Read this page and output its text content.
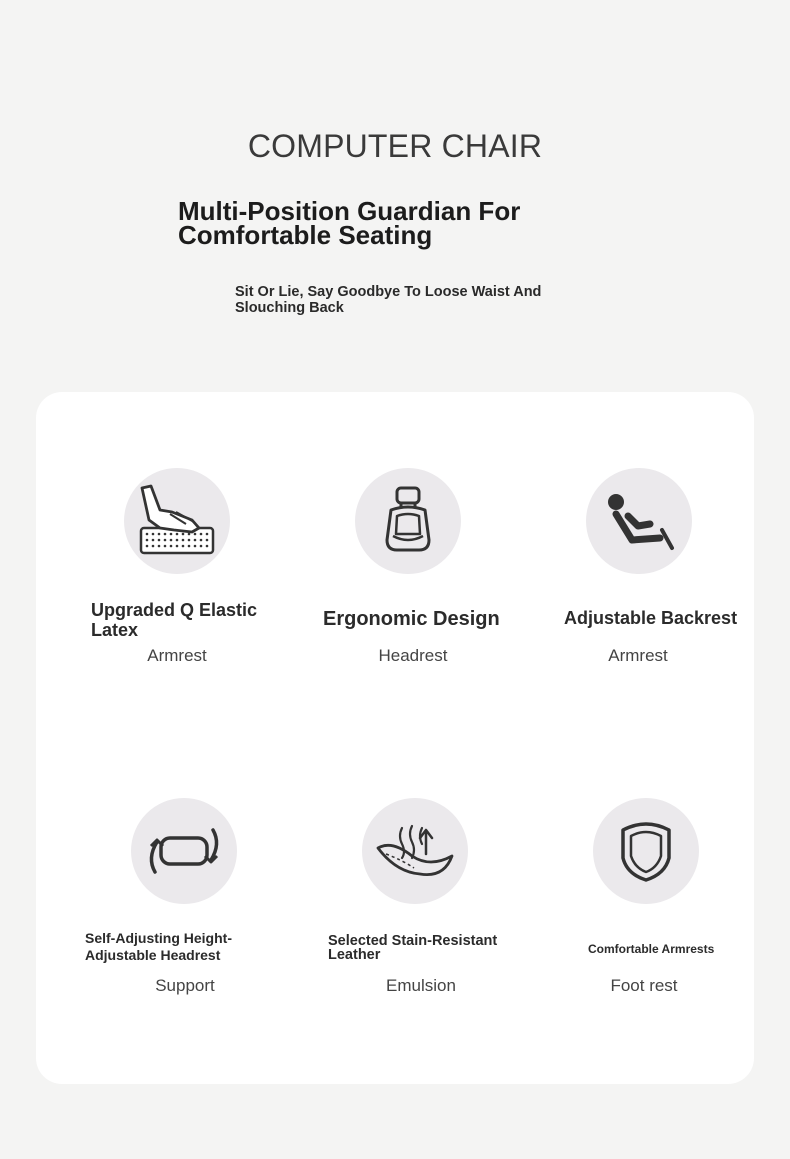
COMPUTER CHAIR
Multi-Position Guardian For Comfortable Seating
Sit Or Lie, Say Goodbye To Loose Waist And Slouching Back
Upgraded Q Elastic Latex
Armrest
Ergonomic Design
Headrest
Adjustable Backrest
Armrest
Self-Adjusting Height-Adjustable Headrest
Support
Selected Stain-Resistant Leather
Emulsion
Comfortable Armrests
Foot rest
